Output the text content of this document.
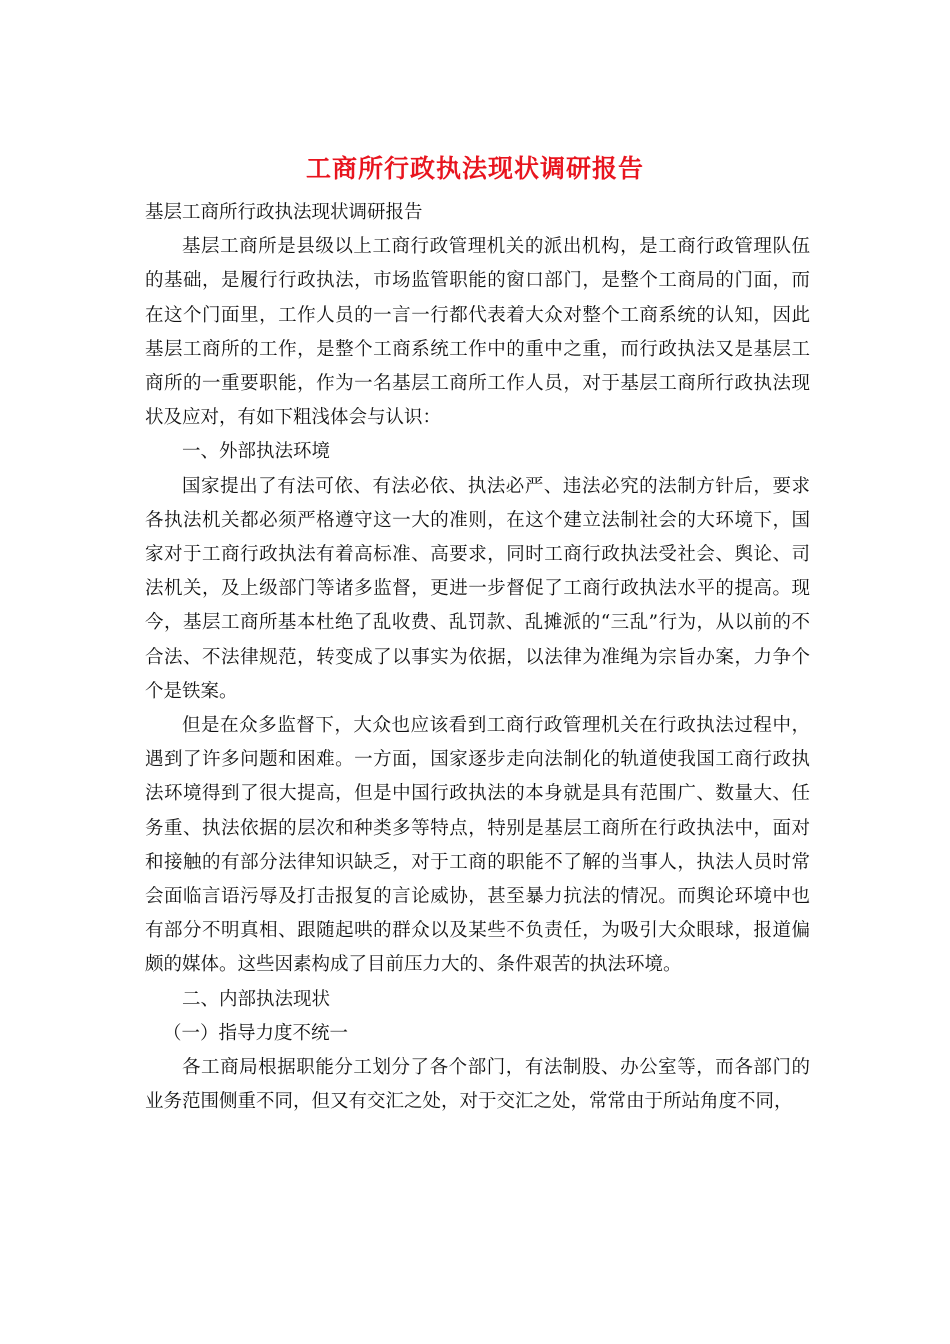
工商所行政执法现状调研报告

基层工商所行政执法现状调研报告

基层工商所是县级以上工商行政管理机关的派出机构，是工商行政管理队伍的基础，是履行行政执法，市场监管职能的窗口部门，是整个工商局的门面，而在这个门面里，工作人员的一言一行都代表着大众对整个工商系统的认知，因此基层工商所的工作，是整个工商系统工作中的重中之重，而行政执法又是基层工商所的一重要职能，作为一名基层工商所工作人员，对于基层工商所行政执法现状及应对，有如下粗浅体会与认识：

一、外部执法环境

国家提出了有法可依、有法必依、执法必严、违法必究的法制方针后，要求各执法机关都必须严格遵守这一大的准则，在这个建立法制社会的大环境下，国家对于工商行政执法有着高标准、高要求，同时工商行政执法受社会、舆论、司法机关，及上级部门等诸多监督，更进一步督促了工商行政执法水平的提高。现今，基层工商所基本杜绝了乱收费、乱罚款、乱摊派的“三乱”行为，从以前的不合法、不法律规范，转变成了以事实为依据，以法律为准绳为宗旨办案，力争个个是铁案。

但是在众多监督下，大众也应该看到工商行政管理机关在行政执法过程中，遇到了许多问题和困难。一方面，国家逐步走向法制化的轨道使我国工商行政执法环境得到了很大提高，但是中国行政执法的本身就是具有范围广、数量大、任务重、执法依据的层次和种类多等特点，特别是基层工商所在行政执法中，面对和接触的有部分法律知识缺乏，对于工商的职能不了解的当事人，执法人员时常会面临言语污辱及打击报复的言论威协，甚至暴力抗法的情况。而舆论环境中也有部分不明真相、跟随起哄的群众以及某些不负责任，为吸引大众眼球，报道偏颇的媒体。这些因素构成了目前压力大的、条件艰苦的执法环境。

二、内部执法现状

（一）指导力度不统一

各工商局根据职能分工划分了各个部门，有法制股、办公室等，而各部门的业务范围侧重不同，但又有交汇之处，对于交汇之处，常常由于所站角度不同，
